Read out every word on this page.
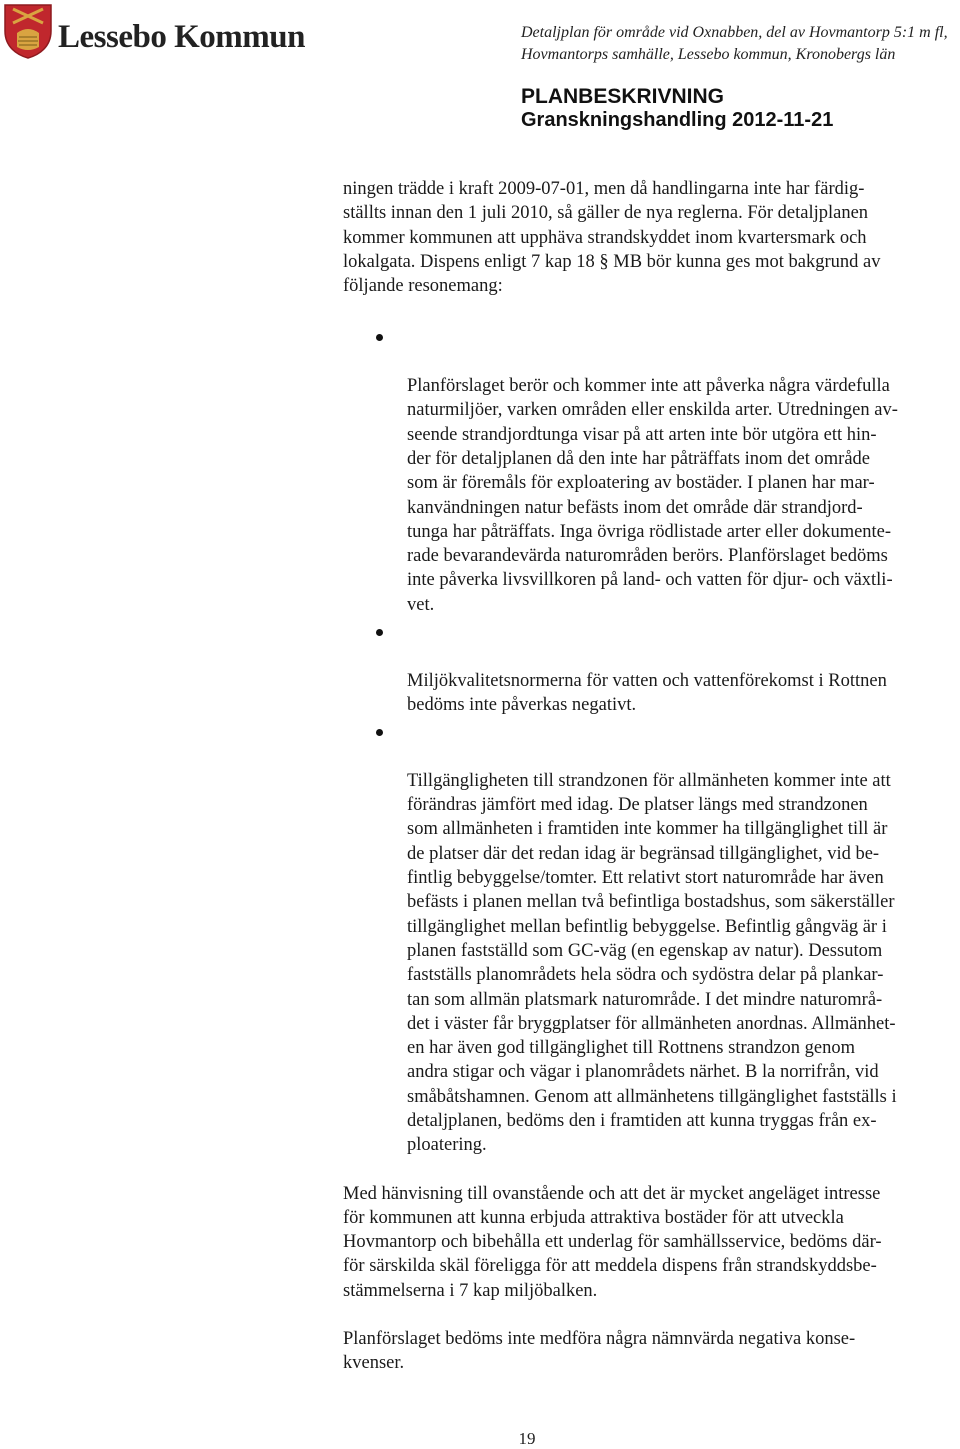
Lessebo Kommun	Detaljplan för område vid Oxnabben, del av Hovmantorp 5:1 m fl,
Hovmantorps samhälle, Lessebo kommun, Kronobergs län
PLANBESKRIVNING
Granskningshandling 2012-11-21

ningen trädde i kraft 2009-07-01, men då handlingarna inte har färdig-
ställts innan den 1 juli 2010, så gäller de nya reglerna. För detaljplanen
kommer kommunen att upphäva strandskyddet inom kvartersmark och
lokalgata. Dispens enligt 7 kap 18 § MB bör kunna ges mot bakgrund av
följande resonemang:

Planförslaget berör och kommer inte att påverka några värdefulla
naturmiljöer, varken områden eller enskilda arter. Utredningen av-
seende strandjordtunga visar på att arten inte bör utgöra ett hin-
der för detaljplanen då den inte har påträffats inom det område
som är föremåls för exploatering av bostäder. I planen har mar-
kanvändningen natur befästs inom det område där strandjord-
tunga har påträffats. Inga övriga rödlistade arter eller dokumente-
rade bevarandevärda naturområden berörs. Planförslaget bedöms
inte påverka livsvillkoren på land- och vatten för djur- och växtli-
vet.

Miljökvalitetsnormerna för vatten och vattenförekomst i Rottnen
bedöms inte påverkas negativt.

Tillgängligheten till strandzonen för allmänheten kommer inte att
förändras jämfört med idag. De platser längs med strandzonen
som allmänheten i framtiden inte kommer ha tillgänglighet till är
de platser där det redan idag är begränsad tillgänglighet, vid be-
fintlig bebyggelse/tomter. Ett relativt stort naturområde har även
befästs i planen mellan två befintliga bostadshus, som säkerställer
tillgänglighet mellan befintlig bebyggelse. Befintlig gångväg är i
planen fastställd som GC-väg (en egenskap av natur). Dessutom
fastställs planområdets hela södra och sydöstra delar på plankar-
tan som allmän platsmark naturområde. I det mindre naturområ-
det i väster får bryggplatser för allmänheten anordnas. Allmänhet-
en har även god tillgänglighet till Rottnens strandzon genom
andra stigar och vägar i planområdets närhet. B la norrifrån, vid
småbåtshamnen. Genom att allmänhetens tillgänglighet fastställs i
detaljplanen, bedöms den i framtiden att kunna tryggas från ex-
ploatering.

Med hänvisning till ovanstående och att det är mycket angeläget intresse
för kommunen att kunna erbjuda attraktiva bostäder för att utveckla
Hovmantorp och bibehålla ett underlag för samhällsservice, bedöms där-
för särskilda skäl föreligga för att meddela dispens från strandskyddsbe-
stämmelserna i 7 kap miljöbalken.

Planförslaget bedöms inte medföra några nämnvärda negativa konse-
kvenser.

19
